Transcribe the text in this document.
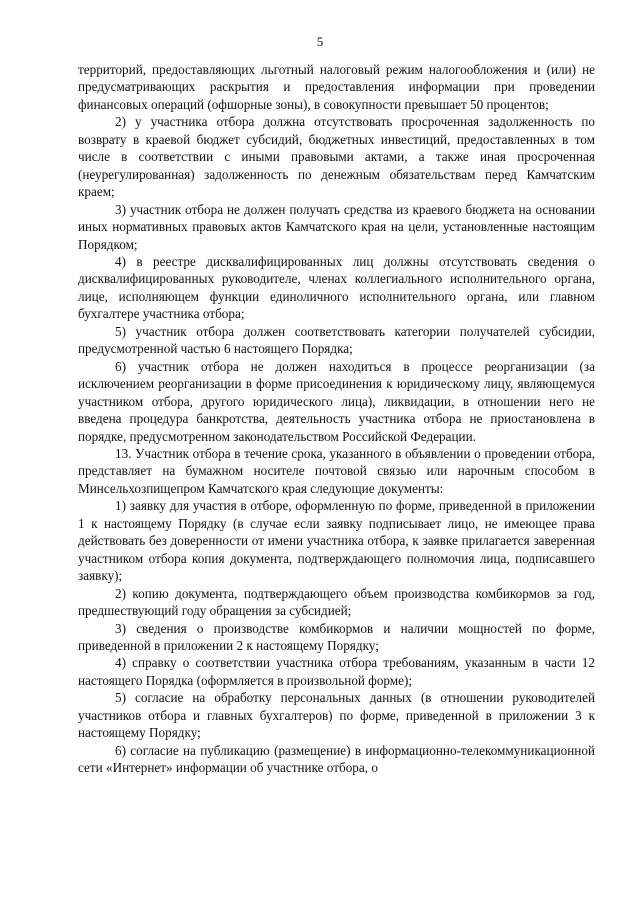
5

территорий, предоставляющих льготный налоговый режим налогообложения и (или) не предусматривающих раскрытия и предоставления информации при проведении финансовых операций (офшорные зоны), в совокупности превышает 50 процентов;

2) у участника отбора должна отсутствовать просроченная задолженность по возврату в краевой бюджет субсидий, бюджетных инвестиций, предоставленных в том числе в соответствии с иными правовыми актами, а также иная просроченная (неурегулированная) задолженность по денежным обязательствам перед Камчатским краем;

3) участник отбора не должен получать средства из краевого бюджета на основании иных нормативных правовых актов Камчатского края на цели, установленные настоящим Порядком;

4) в реестре дисквалифицированных лиц должны отсутствовать сведения о дисквалифицированных руководителе, членах коллегиального исполнительного органа, лице, исполняющем функции единоличного исполнительного органа, или главном бухгалтере участника отбора;

5) участник отбора должен соответствовать категории получателей субсидии, предусмотренной частью 6 настоящего Порядка;

6) участник отбора не должен находиться в процессе реорганизации (за исключением реорганизации в форме присоединения к юридическому лицу, являющемуся участником отбора, другого юридического лица), ликвидации, в отношении него не введена процедура банкротства, деятельность участника отбора не приостановлена в порядке, предусмотренном законодательством Российской Федерации.

13. Участник отбора в течение срока, указанного в объявлении о проведении отбора, представляет на бумажном носителе почтовой связью или нарочным способом в Минсельхозпищепром Камчатского края следующие документы:

1) заявку для участия в отборе, оформленную по форме, приведенной в приложении 1 к настоящему Порядку (в случае если заявку подписывает лицо, не имеющее права действовать без доверенности от имени участника отбора, к заявке прилагается заверенная участником отбора копия документа, подтверждающего полномочия лица, подписавшего заявку);

2) копию документа, подтверждающего объем производства комбикормов за год, предшествующий году обращения за субсидией;

3) сведения о производстве комбикормов и наличии мощностей по форме, приведенной в приложении 2 к настоящему Порядку;

4) справку о соответствии участника отбора требованиям, указанным в части 12 настоящего Порядка (оформляется в произвольной форме);

5) согласие на обработку персональных данных (в отношении руководителей участников отбора и главных бухгалтеров) по форме, приведенной в приложении 3 к настоящему Порядку;

6) согласие на публикацию (размещение) в информационно-телекоммуникационной сети «Интернет» информации об участнике отбора, о
